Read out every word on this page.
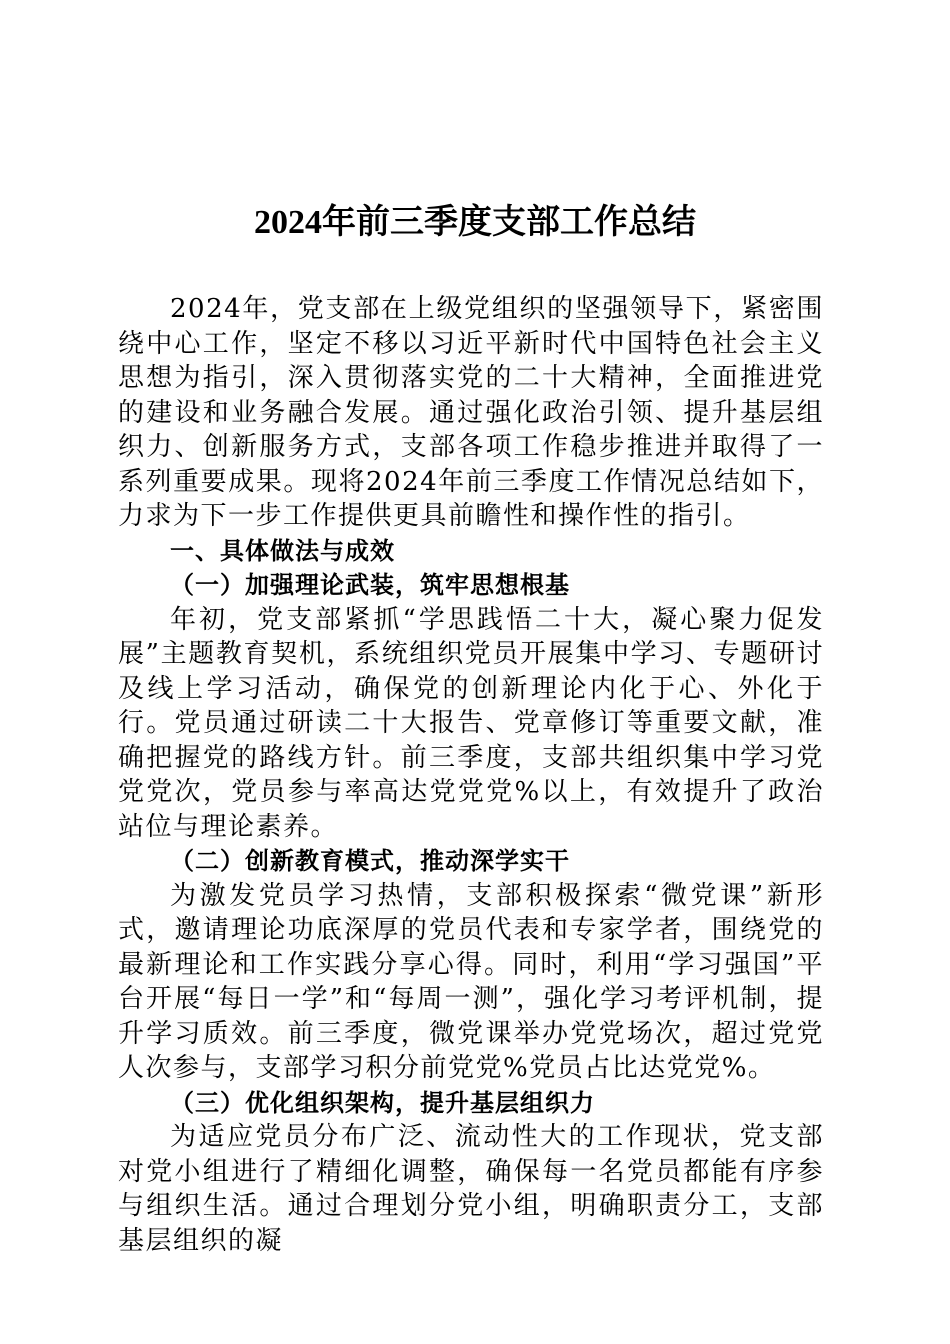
2024年前三季度支部工作总结

2024年，党支部在上级党组织的坚强领导下，紧密围绕中心工作，坚定不移以习近平新时代中国特色社会主义思想为指引，深入贯彻落实党的二十大精神，全面推进党的建设和业务融合发展。通过强化政治引领、提升基层组织力、创新服务方式，支部各项工作稳步推进并取得了一系列重要成果。现将2024年前三季度工作情况总结如下，力求为下一步工作提供更具前瞻性和操作性的指引。

一、具体做法与成效

（一）加强理论武装，筑牢思想根基

年初，党支部紧抓“学思践悟二十大，凝心聚力促发展”主题教育契机，系统组织党员开展集中学习、专题研讨及线上学习活动，确保党的创新理论内化于心、外化于行。党员通过研读二十大报告、党章修订等重要文献，准确把握党的路线方针。前三季度，支部共组织集中学习党党党次，党员参与率高达党党党%以上，有效提升了政治站位与理论素养。

（二）创新教育模式，推动深学实干

为激发党员学习热情，支部积极探索“微党课”新形式，邀请理论功底深厚的党员代表和专家学者，围绕党的最新理论和工作实践分享心得。同时，利用“学习强国”平台开展“每日一学”和“每周一测”，强化学习考评机制，提升学习质效。前三季度，微党课举办党党场次，超过党党人次参与，支部学习积分前党党%党员占比达党党%。

（三）优化组织架构，提升基层组织力

为适应党员分布广泛、流动性大的工作现状，党支部对党小组进行了精细化调整，确保每一名党员都能有序参与组织生活。通过合理划分党小组，明确职责分工，支部基层组织的凝
